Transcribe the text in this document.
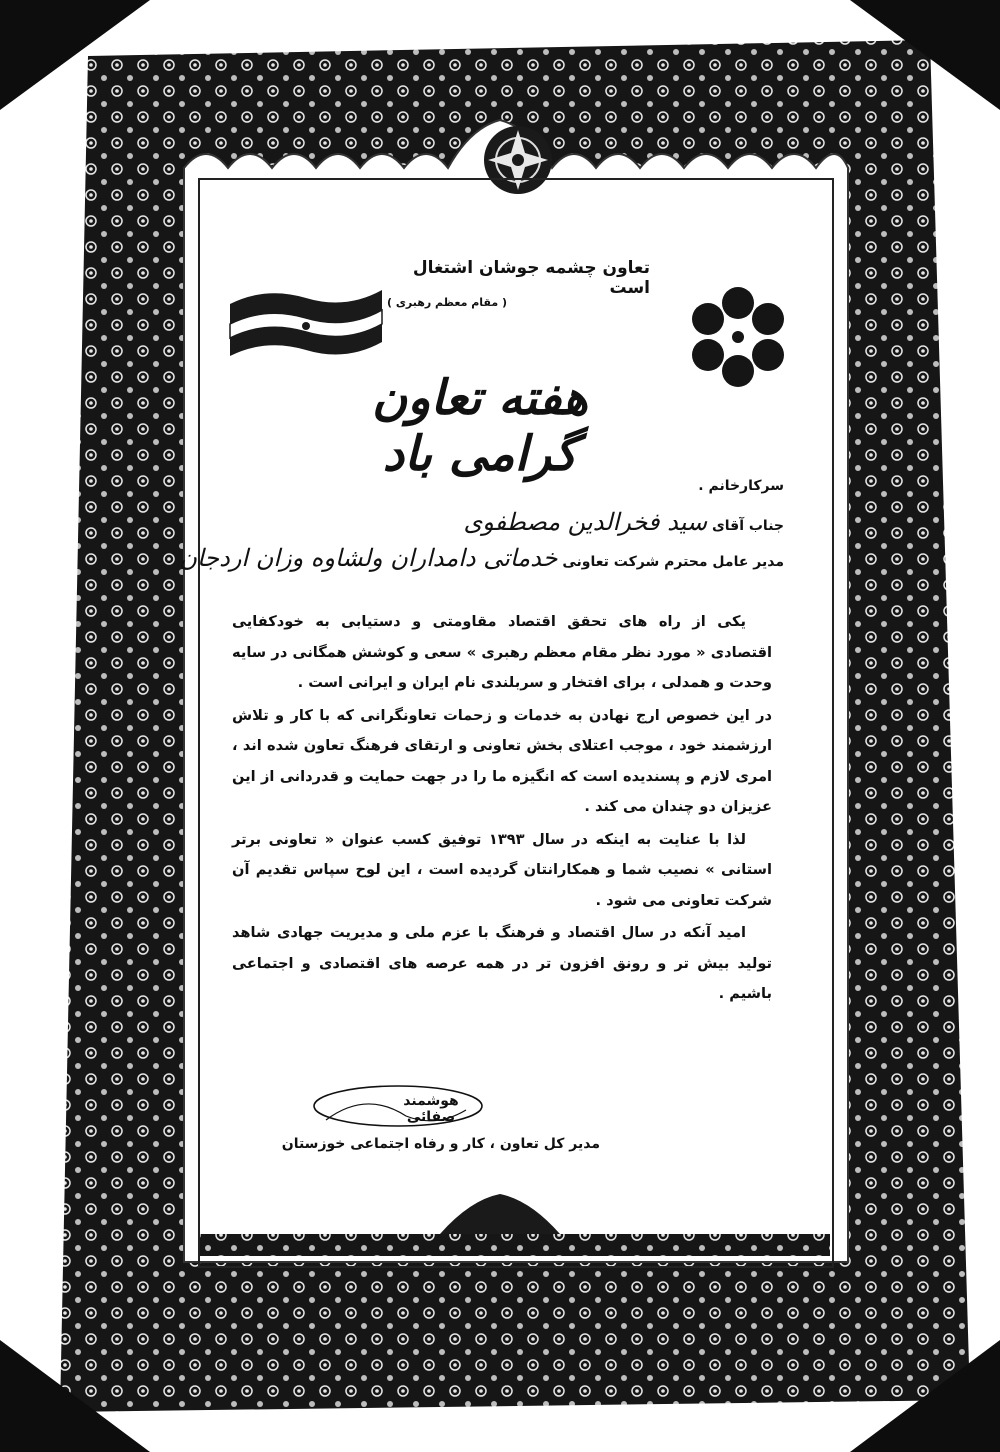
تعاون چشمه جوشان اشتغال است
( مقام معظم رهبری )
هفته تعاون گرامی باد
سرکارخانم .
جناب آقای سید فخرالدین مصطفوی
مدیر عامل محترم شرکت تعاونی خدماتی دامداران ولشاوه وزان اردجان

یکی از راه های تحقق اقتصاد مقاومتی و دستیابی به خودکفایی اقتصادی « مورد نظر مقام معظم رهبری » سعی و کوشش همگانی در سایه وحدت و همدلی ، برای افتخار و سربلندی نام ایران و ایرانی است .

در این خصوص ارج نهادن به خدمات و زحمات تعاونگرانی که با کار و تلاش ارزشمند خود ، موجب اعتلای بخش تعاونی و ارتقای فرهنگ تعاون شده اند ، امری لازم و پسندیده است که انگیزه ما را در جهت حمایت و قدردانی از این عزیزان دو چندان می کند .

لذا با عنایت به اینکه در سال ۱۳۹۳ توفیق کسب عنوان « تعاونی برتر استانی » نصیب شما و همکارانتان گردیده است ، این لوح سپاس تقدیم آن شرکت تعاونی می شود .

امید آنکه در سال اقتصاد و فرهنگ با عزم ملی و مدیریت جهادی شاهد تولید بیش تر و رونق افزون تر در همه عرصه های اقتصادی و اجتماعی باشیم .

هوشمند صفائی
مدیر کل تعاون ، کار و رفاه اجتماعی خوزستان
